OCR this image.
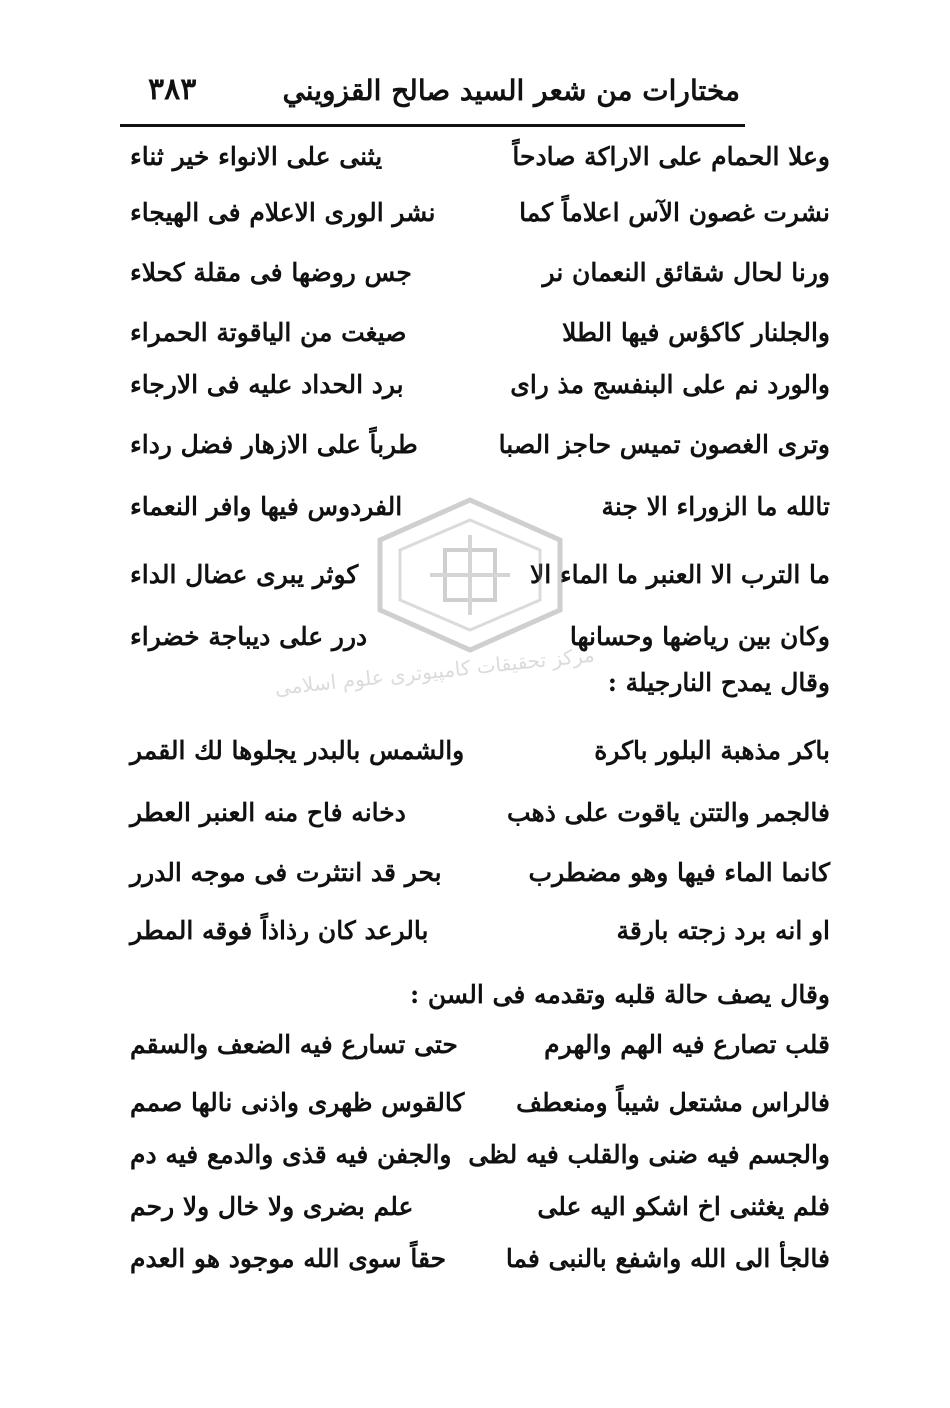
٣٨٣	مختارات من شعر السيد صالح القزويني
وعلا الحمام على الاراكة صادحاً
يثنى على الانواء خير ثناء
نشرت غصون الآس اعلاماً كما
نشر الورى الاعلام فى الهيجاء
ورنا لحال شقائق النعمان نر
جس روضها فى مقلة كحلاء
والجلنار كاكؤس فيها الطلا
صيغت من الياقوتة الحمراء
والورد نم على البنفسج مذ راى
برد الحداد عليه فى الارجاء
وترى الغصون تميس حاجز الصبا
طرباً على الازهار فضل رداء
تالله ما الزوراء الا جنة
الفردوس فيها وافر النعماء
ما الترب الا العنبر ما الماء الا
كوثر يبرى عضال الداء
وكان بين رياضها وحسانها
درر على ديباجة خضراء
مركز تحقيقات كامپيوتری علوم اسلامی وقال يمدح النارجيلة :
باكر مذهبة البلور باكرة
والشمس بالبدر يجلوها لك القمر
فالجمر والتتن ياقوت على ذهب
دخانه فاح منه العنبر العطر
كانما الماء فيها وهو مضطرب
بحر قد انتثرت فى موجه الدرر
او انه برد زجته بارقة
بالرعد كان رذاذاً فوقه المطر
وقال يصف حالة قلبه وتقدمه فى السن :
قلب تصارع فيه الهم والهرم
حتى تسارع فيه الضعف والسقم
فالراس مشتعل شيباً ومنعطف
كالقوس ظهرى واذنى نالها صمم
والجسم فيه ضنى والقلب فيه لظى
والجفن فيه قذى والدمع فيه دم
فلم يغثنى اخ اشكو اليه على
علم بضرى ولا خال ولا رحم
فالجأ الى الله واشفع بالنبى فما
حقاً سوى الله موجود هو العدم
